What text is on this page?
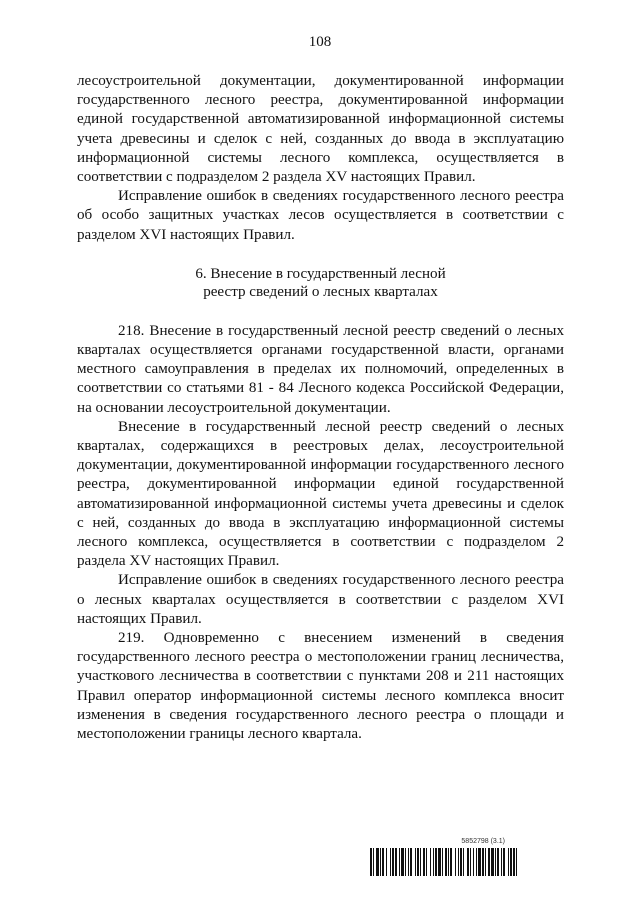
108

лесоустроительной документации, документированной информации государственного лесного реестра, документированной информации единой государственной автоматизированной информационной системы учета древесины и сделок с ней, созданных до ввода в эксплуатацию информационной системы лесного комплекса, осуществляется в соответствии с подразделом 2 раздела XV настоящих Правил.

Исправление ошибок в сведениях государственного лесного реестра об особо защитных участках лесов осуществляется в соответствии с разделом XVI настоящих Правил.

6. Внесение в государственный лесной
реестр сведений о лесных кварталах

218. Внесение в государственный лесной реестр сведений о лесных кварталах осуществляется органами государственной власти, органами местного самоуправления в пределах их полномочий, определенных в соответствии со статьями 81 - 84 Лесного кодекса Российской Федерации, на основании лесоустроительной документации.

Внесение в государственный лесной реестр сведений о лесных кварталах, содержащихся в реестровых делах, лесоустроительной документации, документированной информации государственного лесного реестра, документированной информации единой государственной автоматизированной информационной системы учета древесины и сделок с ней, созданных до ввода в эксплуатацию информационной системы лесного комплекса, осуществляется в соответствии с подразделом 2 раздела XV настоящих Правил.

Исправление ошибок в сведениях государственного лесного реестра о лесных кварталах осуществляется в соответствии с разделом XVI настоящих Правил.

219. Одновременно с внесением изменений в сведения государственного лесного реестра о местоположении границ лесничества, участкового лесничества в соответствии с пунктами 208 и 211 настоящих Правил оператор информационной системы лесного комплекса вносит изменения в сведения государственного лесного реестра о площади и местоположении границы лесного квартала.

5852798 (3.1)
